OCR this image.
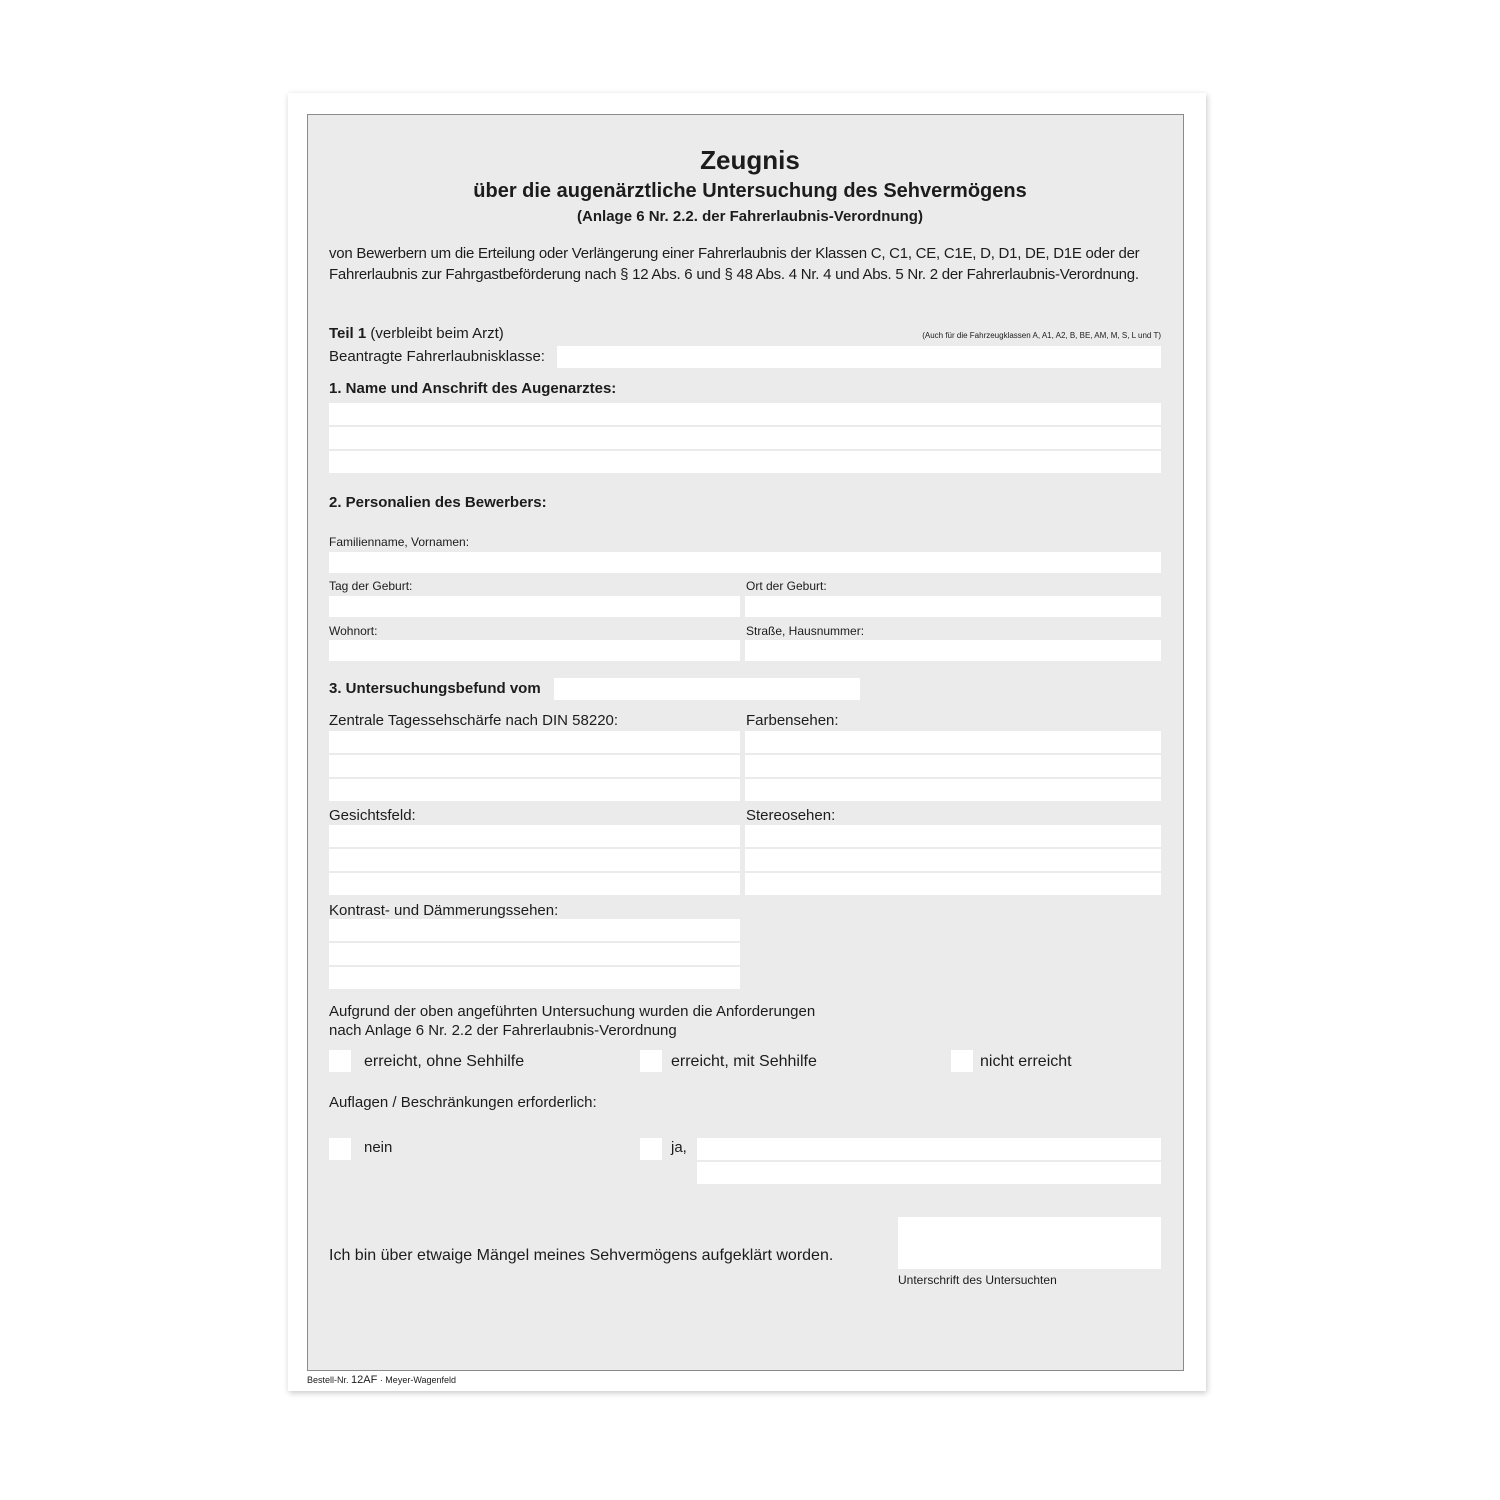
Zeugnis
über die augenärztliche Untersuchung des Sehvermögens
(Anlage 6 Nr. 2.2. der Fahrerlaubnis-Verordnung)
von Bewerbern um die Erteilung oder Verlängerung einer Fahrerlaubnis der Klassen C, C1, CE, C1E, D, D1, DE, D1E oder der
Fahrerlaubnis zur Fahrgastbeförderung nach § 12 Abs. 6 und § 48 Abs. 4 Nr. 4 und Abs. 5 Nr. 2 der Fahrerlaubnis-Verordnung.
Teil 1 (verbleibt beim Arzt)	(Auch für die Fahrzeugklassen A, A1, A2, B, BE, AM, M, S, L und T)
Beantragte Fahrerlaubnisklasse:
1. Name und Anschrift des Augenarztes:
2. Personalien des Bewerbers:
Familienname, Vornamen:
Tag der Geburt:	Ort der Geburt:
Wohnort:	Straße, Hausnummer:
3. Untersuchungsbefund vom
Zentrale Tagessehschärfe nach DIN 58220:	Farbensehen:
Gesichtsfeld:	Stereosehen:
Kontrast- und Dämmerungssehen:
Aufgrund der oben angeführten Untersuchung wurden die Anforderungen
nach Anlage 6 Nr. 2.2 der Fahrerlaubnis-Verordnung
erreicht, ohne Sehhilfe	erreicht, mit Sehhilfe	nicht erreicht
Auflagen / Beschränkungen erforderlich:
nein	ja,
Ich bin über etwaige Mängel meines Sehvermögens aufgeklärt worden.
Unterschrift des Untersuchten
Bestell-Nr. 12AF · Meyer-Wagenfeld
